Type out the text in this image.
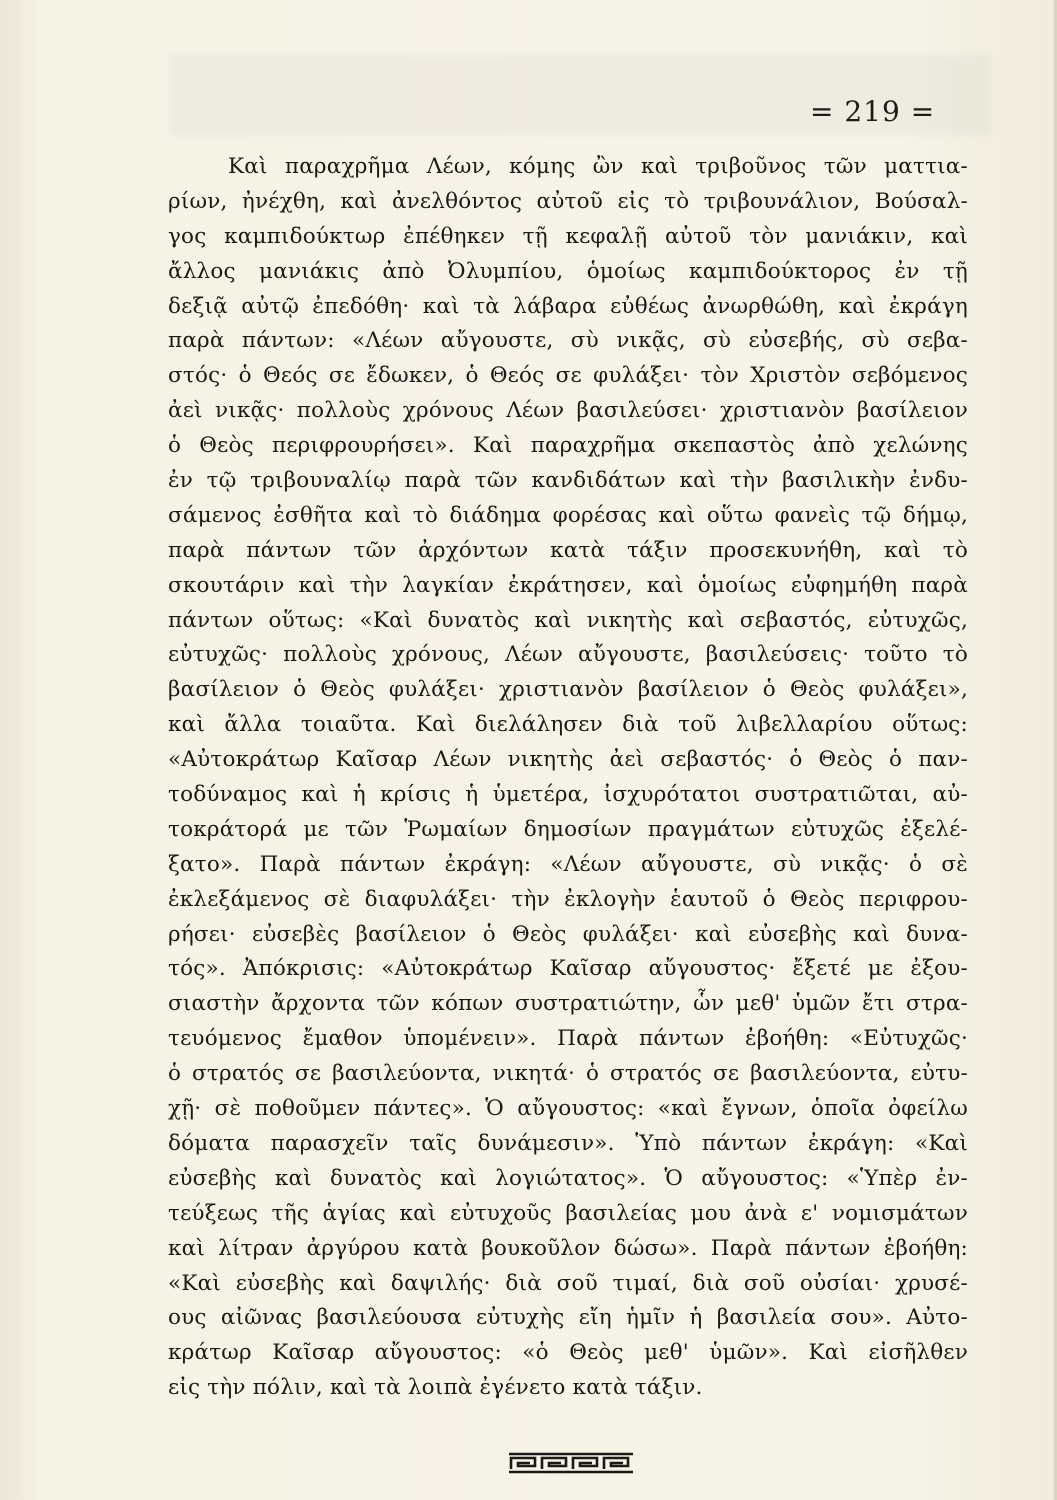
= 219 =
Καὶ παραχρῆμα Λέων, κόμης ὢν καὶ τριβοῦνος τῶν ματτια-
ρίων, ἠνέχθη, καὶ ἀνελθόντος αὐτοῦ εἰς τὸ τριβουνάλιον, Βούσαλ-
γος καμπιδούκτωρ ἐπέθηκεν τῇ κεφαλῇ αὐτοῦ τὸν μανιάκιν, καὶ
ἄλλος μανιάκις ἀπὸ Ὀλυμπίου, ὁμοίως καμπιδούκτορος ἐν τῇ
δεξιᾷ αὐτῷ ἐπεδόθη· καὶ τὰ λάβαρα εὐθέως ἀνωρθώθη, καὶ ἐκράγη
παρὰ πάντων: «Λέων αὔγουστε, σὺ νικᾷς, σὺ εὐσεβής, σὺ σεβα-
στός· ὁ Θεός σε ἔδωκεν, ὁ Θεός σε φυλάξει· τὸν Χριστὸν σεβόμενος
ἀεὶ νικᾷς· πολλοὺς χρόνους Λέων βασιλεύσει· χριστιανὸν βασίλειον
ὁ Θεὸς περιφρουρήσει». Καὶ παραχρῆμα σκεπαστὸς ἀπὸ χελώνης
ἐν τῷ τριβουναλίῳ παρὰ τῶν κανδιδάτων καὶ τὴν βασιλικὴν ἐνδυ-
σάμενος ἐσθῆτα καὶ τὸ διάδημα φορέσας καὶ οὕτω φανεὶς τῷ δήμῳ,
παρὰ πάντων τῶν ἀρχόντων κατὰ τάξιν προσεκυνήθη, καὶ τὸ
σκουτάριν καὶ τὴν λαγκίαν ἐκράτησεν, καὶ ὁμοίως εὐφημήθη παρὰ
πάντων οὕτως: «Καὶ δυνατὸς καὶ νικητὴς καὶ σεβαστός, εὐτυχῶς,
εὐτυχῶς· πολλοὺς χρόνους, Λέων αὔγουστε, βασιλεύσεις· τοῦτο τὸ
βασίλειον ὁ Θεὸς φυλάξει· χριστιανὸν βασίλειον ὁ Θεὸς φυλάξει»,
καὶ ἄλλα τοιαῦτα. Καὶ διελάλησεν διὰ τοῦ λιβελλαρίου οὕτως:
«Αὐτοκράτωρ Καῖσαρ Λέων νικητὴς ἀεὶ σεβαστός· ὁ Θεὸς ὁ παν-
τοδύναμος καὶ ἡ κρίσις ἡ ὑμετέρα, ἰσχυρότατοι συστρατιῶται, αὐ-
τοκράτορά με τῶν Ῥωμαίων δημοσίων πραγμάτων εὐτυχῶς ἐξελέ-
ξατο». Παρὰ πάντων ἐκράγη: «Λέων αὔγουστε, σὺ νικᾷς· ὁ σὲ
ἐκλεξάμενος σὲ διαφυλάξει· τὴν ἐκλογὴν ἑαυτοῦ ὁ Θεὸς περιφρου-
ρήσει· εὐσεβὲς βασίλειον ὁ Θεὸς φυλάξει· καὶ εὐσεβὴς καὶ δυνα-
τός». Ἀπόκρισις: «Αὐτοκράτωρ Καῖσαρ αὔγουστος· ἔξετέ με ἐξου-
σιαστὴν ἄρχοντα τῶν κόπων συστρατιώτην, ὧν μεθ' ὑμῶν ἔτι στρα-
τευόμενος ἔμαθον ὑπομένειν». Παρὰ πάντων ἐβοήθη: «Εὐτυχῶς·
ὁ στρατός σε βασιλεύοντα, νικητά· ὁ στρατός σε βασιλεύοντα, εὐτυ-
χῇ· σὲ ποθοῦμεν πάντες». Ὁ αὔγουστος: «καὶ ἔγνων, ὁποῖα ὀφείλω
δόματα παρασχεῖν ταῖς δυνάμεσιν». Ὑπὸ πάντων ἐκράγη: «Καὶ
εὐσεβὴς καὶ δυνατὸς καὶ λογιώτατος». Ὁ αὔγουστος: «Ὑπὲρ ἐν-
τεύξεως τῆς ἁγίας καὶ εὐτυχοῦς βασιλείας μου ἀνὰ ε' νομισμάτων
καὶ λίτραν ἀργύρου κατὰ βουκοῦλον δώσω». Παρὰ πάντων ἐβοήθη:
«Καὶ εὐσεβὴς καὶ δαψιλής· διὰ σοῦ τιμαί, διὰ σοῦ οὐσίαι· χρυσέ-
ους αἰῶνας βασιλεύουσα εὐτυχὴς εἴη ἡμῖν ἡ βασιλεία σου». Αὐτο-
κράτωρ Καῖσαρ αὔγουστος: «ὁ Θεὸς μεθ' ὑμῶν». Καὶ εἰσῆλθεν
εἰς τὴν πόλιν, καὶ τὰ λοιπὰ ἐγένετο κατὰ τάξιν.
